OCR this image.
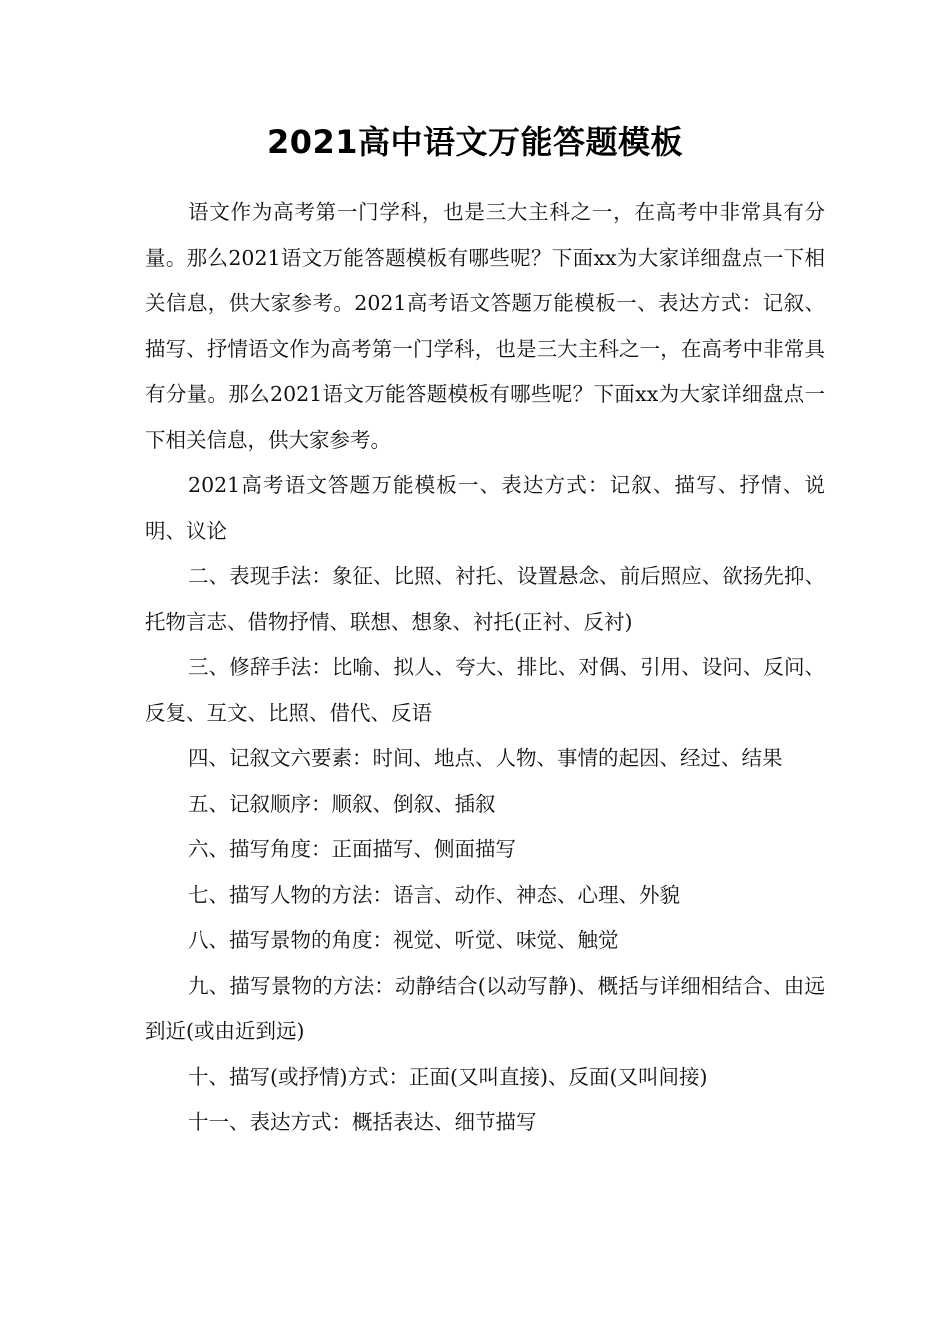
2021高中语文万能答题模板

语文作为高考第一门学科，也是三大主科之一，在高考中非常具有分量。那么2021语文万能答题模板有哪些呢？下面xx为大家详细盘点一下相关信息，供大家参考。2021高考语文答题万能模板一、表达方式：记叙、描写、抒情语文作为高考第一门学科，也是三大主科之一，在高考中非常具有分量。那么2021语文万能答题模板有哪些呢？下面xx为大家详细盘点一下相关信息，供大家参考。

2021高考语文答题万能模板一、表达方式：记叙、描写、抒情、说明、议论

二、表现手法：象征、比照、衬托、设置悬念、前后照应、欲扬先抑、托物言志、借物抒情、联想、想象、衬托(正衬、反衬)

三、修辞手法：比喻、拟人、夸大、排比、对偶、引用、设问、反问、反复、互文、比照、借代、反语

四、记叙文六要素：时间、地点、人物、事情的起因、经过、结果

五、记叙顺序：顺叙、倒叙、插叙

六、描写角度：正面描写、侧面描写

七、描写人物的方法：语言、动作、神态、心理、外貌

八、描写景物的角度：视觉、听觉、味觉、触觉

九、描写景物的方法：动静结合(以动写静)、概括与详细相结合、由远到近(或由近到远)

十、描写(或抒情)方式：正面(又叫直接)、反面(又叫间接)

十一、表达方式：概括表达、细节描写
